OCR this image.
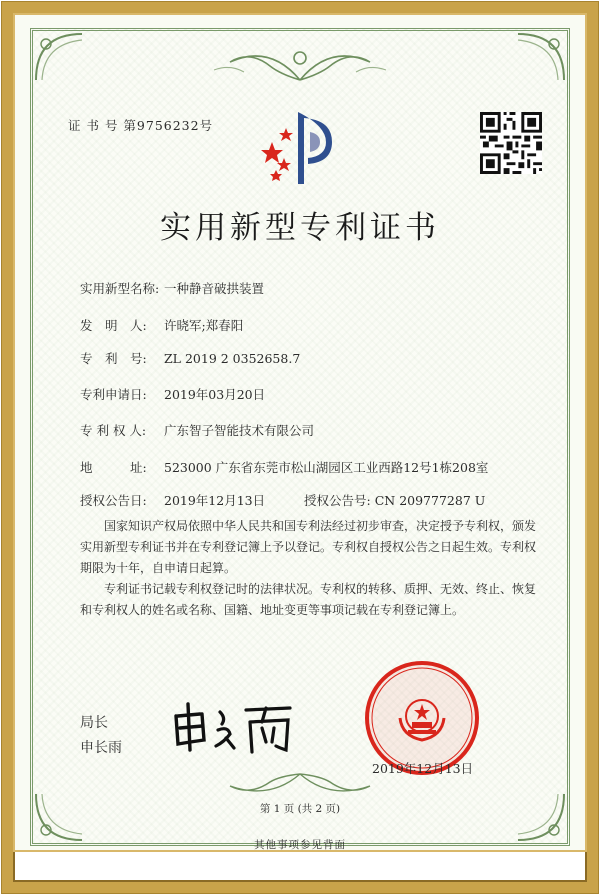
证 书 号 第9756232号
实用新型专利证书
实用新型名称: 一种静音破拱装置
发　明　人: 许晓军;郑春阳
专　利　号: ZL 2019 2 0352658.7
专利申请日: 2019年03月20日
专 利 权 人: 广东智子智能技术有限公司
地　　　址: 523000 广东省东莞市松山湖园区工业西路12号1栋208室
授权公告日: 2019年12月13日	授权公告号: CN 209777287 U
国家知识产权局依照中华人民共和国专利法经过初步审查，决定授予专利权，颁发实用新型专利证书并在专利登记簿上予以登记。专利权自授权公告之日起生效。专利权期限为十年，自申请日起算。
专利证书记载专利权登记时的法律状况。专利权的转移、质押、无效、终止、恢复和专利权人的姓名或名称、国籍、地址变更等事项记载在专利登记簿上。
局长
申长雨
2019年12月13日
第 1 页 (共 2 页)
其他事项参见背面
